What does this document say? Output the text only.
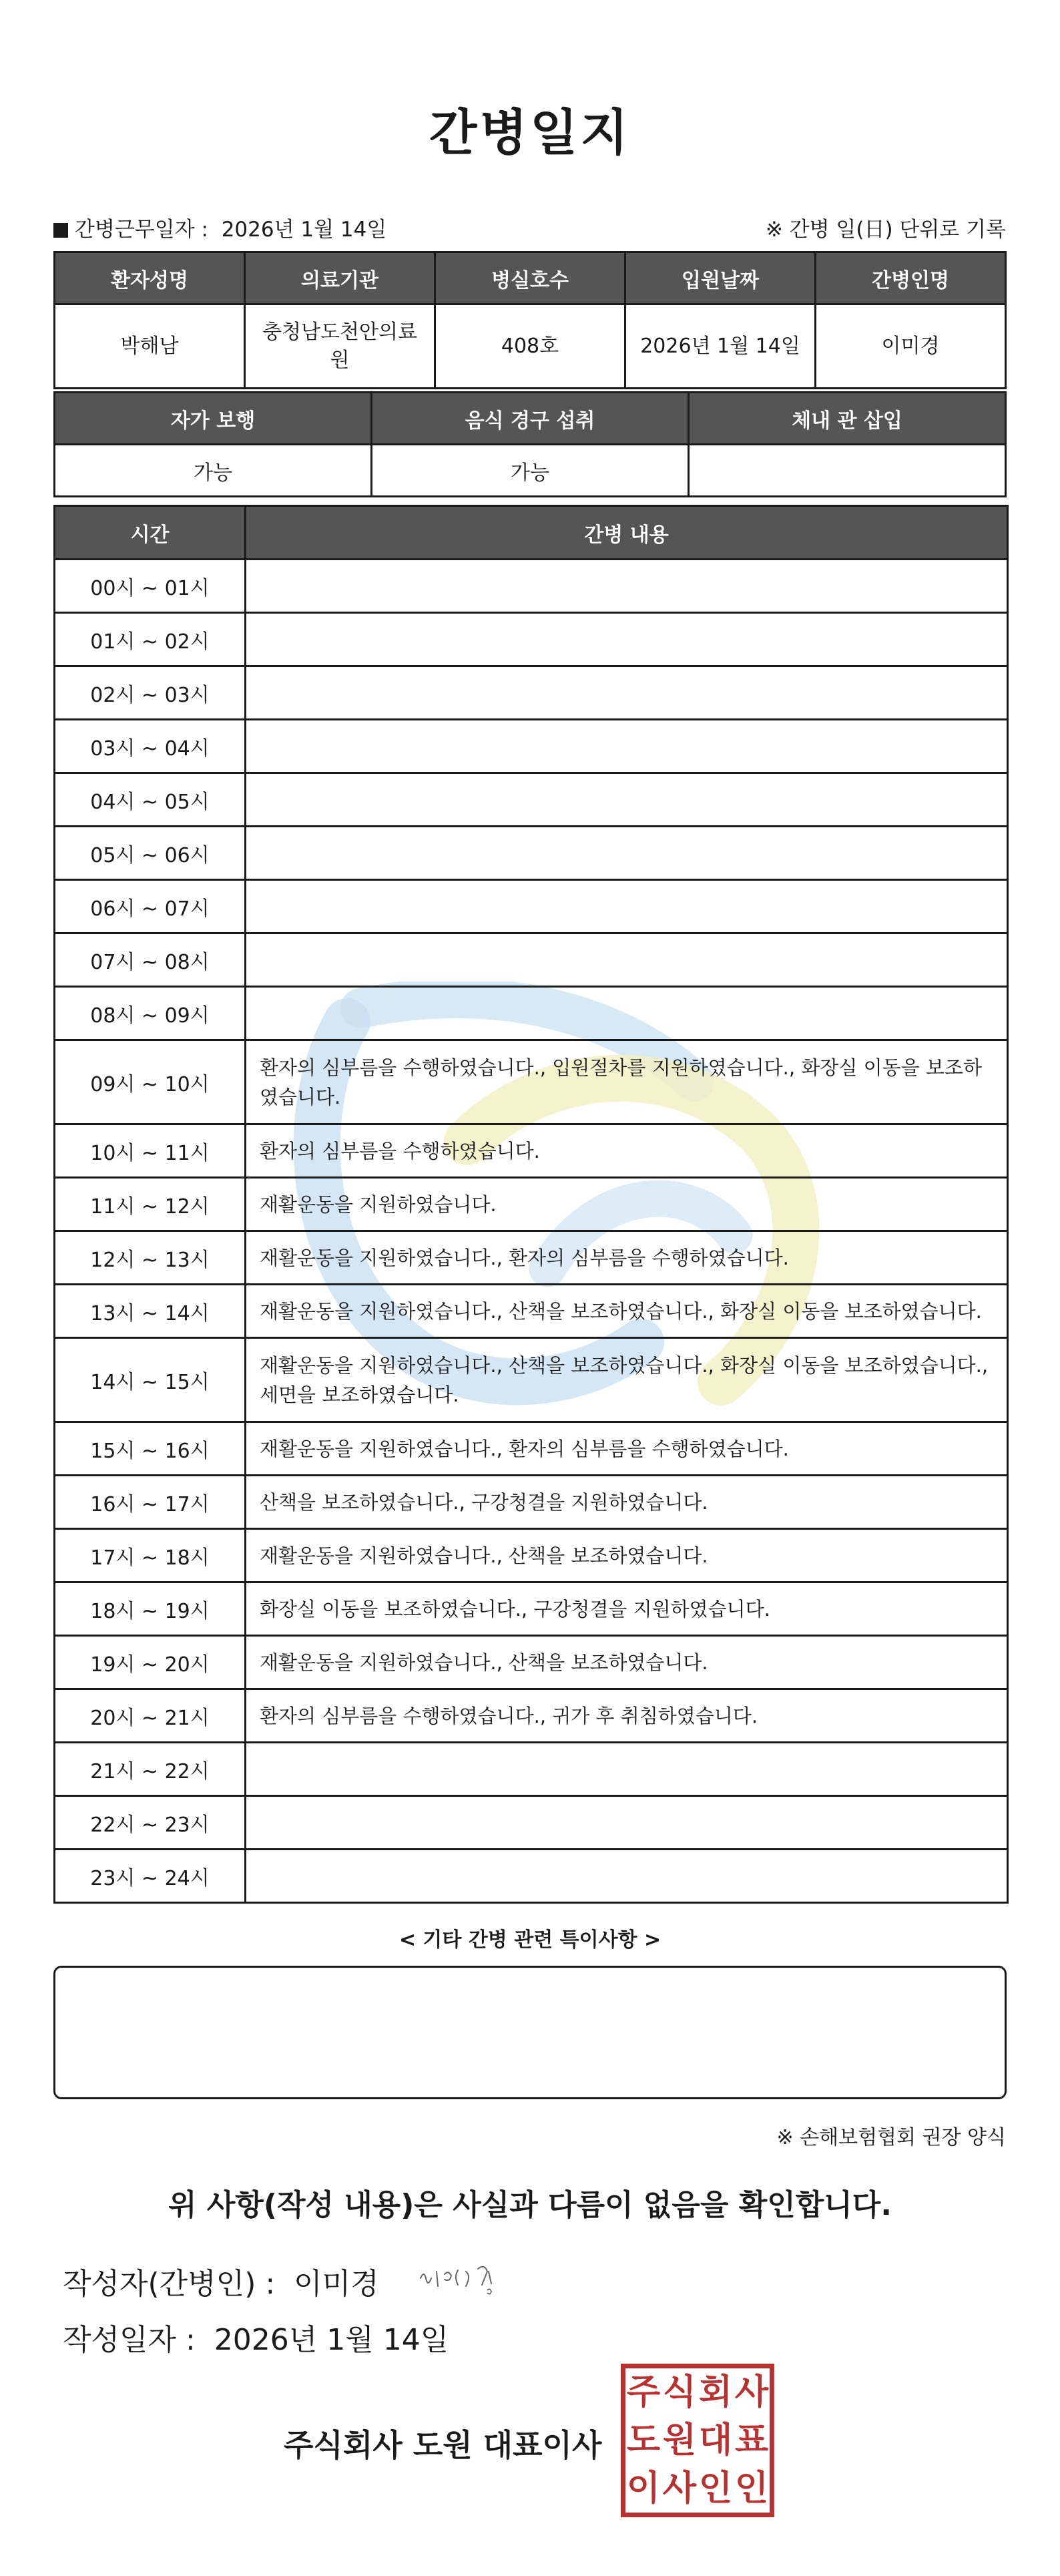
간병일지
간병근무일자 : 2026년 1월 14일	※ 간병 일(日) 단위로 기록
환자성명	의료기관	병실호수	입원날짜	간병인명
박해남	충청남도천안의료원	408호	2026년 1월 14일	이미경
자가 보행	음식 경구 섭취	체내 관 삽입
가능	가능	
시간	간병 내용
00시 ~ 01시	
01시 ~ 02시	
02시 ~ 03시	
03시 ~ 04시	
04시 ~ 05시	
05시 ~ 06시	
06시 ~ 07시	
07시 ~ 08시	
08시 ~ 09시	
09시 ~ 10시	환자의 심부름을 수행하였습니다., 입원절차를 지원하였습니다., 화장실 이동을 보조하였습니다.
10시 ~ 11시	환자의 심부름을 수행하였습니다.
11시 ~ 12시	재활운동을 지원하였습니다.
12시 ~ 13시	재활운동을 지원하였습니다., 환자의 심부름을 수행하였습니다.
13시 ~ 14시	재활운동을 지원하였습니다., 산책을 보조하였습니다., 화장실 이동을 보조하였습니다.
14시 ~ 15시	재활운동을 지원하였습니다., 산책을 보조하였습니다., 화장실 이동을 보조하였습니다., 세면을 보조하였습니다.
15시 ~ 16시	재활운동을 지원하였습니다., 환자의 심부름을 수행하였습니다.
16시 ~ 17시	산책을 보조하였습니다., 구강청결을 지원하였습니다.
17시 ~ 18시	재활운동을 지원하였습니다., 산책을 보조하였습니다.
18시 ~ 19시	화장실 이동을 보조하였습니다., 구강청결을 지원하였습니다.
19시 ~ 20시	재활운동을 지원하였습니다., 산책을 보조하였습니다.
20시 ~ 21시	환자의 심부름을 수행하였습니다., 귀가 후 취침하였습니다.
21시 ~ 22시	
22시 ~ 23시	
23시 ~ 24시	
< 기타 간병 관련 특이사항 >
※ 손해보험협회 권장 양식
위 사항(작성 내용)은 사실과 다름이 없음을 확인합니다.
작성자(간병인) : 이미경
작성일자 : 2026년 1월 14일
주식회사 도원 대표이사
주 식 회 사
도 원 대 표
이 사 인 인
